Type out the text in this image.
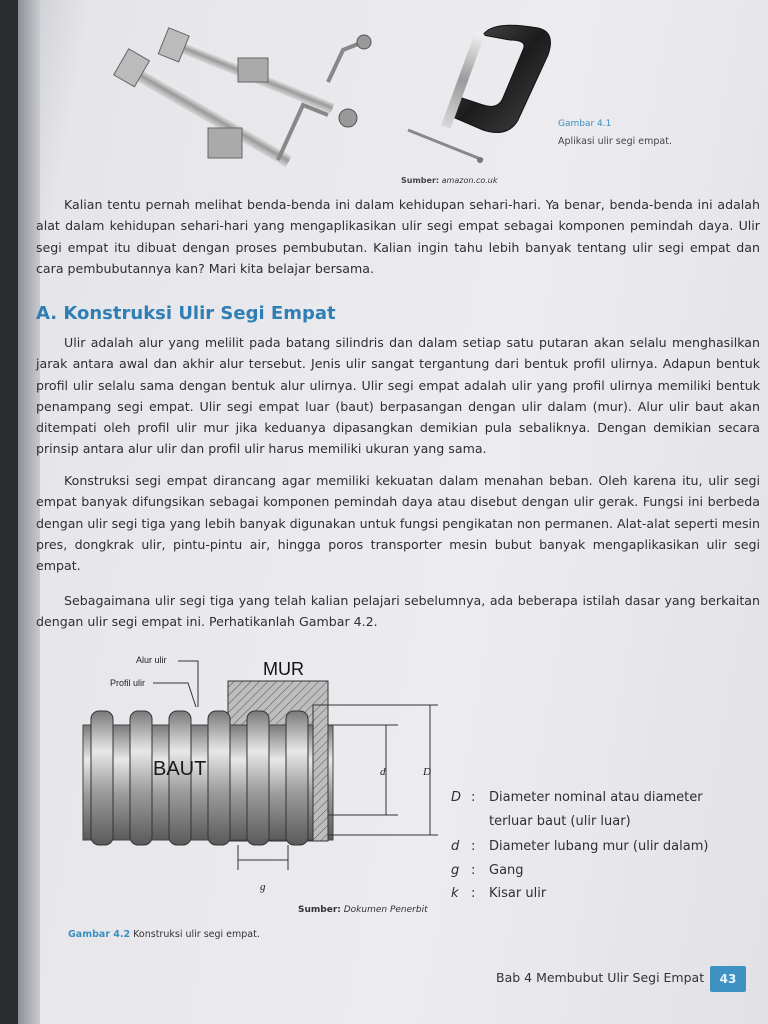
Sumber: amazon.co.uk
Gambar 4.1
Aplikasi ulir segi empat.

Kalian tentu pernah melihat benda-benda ini dalam kehidupan sehari-hari. Ya benar, benda-benda ini adalah alat dalam kehidupan sehari-hari yang mengaplikasikan ulir segi empat sebagai komponen pemindah daya. Ulir segi empat itu dibuat dengan proses pembubutan. Kalian ingin tahu lebih banyak tentang ulir segi empat dan cara pembubutannya kan? Mari kita belajar bersama.

A. Konstruksi Ulir Segi Empat

Ulir adalah alur yang melilit pada batang silindris dan dalam setiap satu putaran akan selalu menghasilkan jarak antara awal dan akhir alur tersebut. Jenis ulir sangat tergantung dari bentuk profil ulirnya. Adapun bentuk profil ulir selalu sama dengan bentuk alur ulirnya. Ulir segi empat adalah ulir yang profil ulirnya memiliki bentuk penampang segi empat. Ulir segi empat luar (baut) berpasangan dengan ulir dalam (mur). Alur ulir baut akan ditempati oleh profil ulir mur jika keduanya dipasangkan demikian pula sebaliknya. Dengan demikian secara prinsip antara alur ulir dan profil ulir harus memiliki ukuran yang sama.

Konstruksi segi empat dirancang agar memiliki kekuatan dalam menahan beban. Oleh karena itu, ulir segi empat banyak difungsikan sebagai komponen pemindah daya atau disebut dengan ulir gerak. Fungsi ini berbeda dengan ulir segi tiga yang lebih banyak digunakan untuk fungsi pengikatan non permanen. Alat-alat seperti mesin pres, dongkrak ulir, pintu-pintu air, hingga poros transporter mesin bubut banyak mengaplikasikan ulir segi empat.

Sebagaimana ulir segi tiga yang telah kalian pelajari sebelumnya, ada beberapa istilah dasar yang berkaitan dengan ulir segi empat ini. Perhatikanlah Gambar 4.2.

MUR
BAUT
Alur ulir
Profil ulir
d	D
g
D : Diameter nominal atau diameter
terluar baut (ulir luar)
d : Diameter lubang mur (ulir dalam)
g : Gang
k : Kisar ulir
Sumber: Dokumen Penerbit
Gambar 4.2 Konstruksi ulir segi empat.
Bab 4 Membubut Ulir Segi Empat	43
